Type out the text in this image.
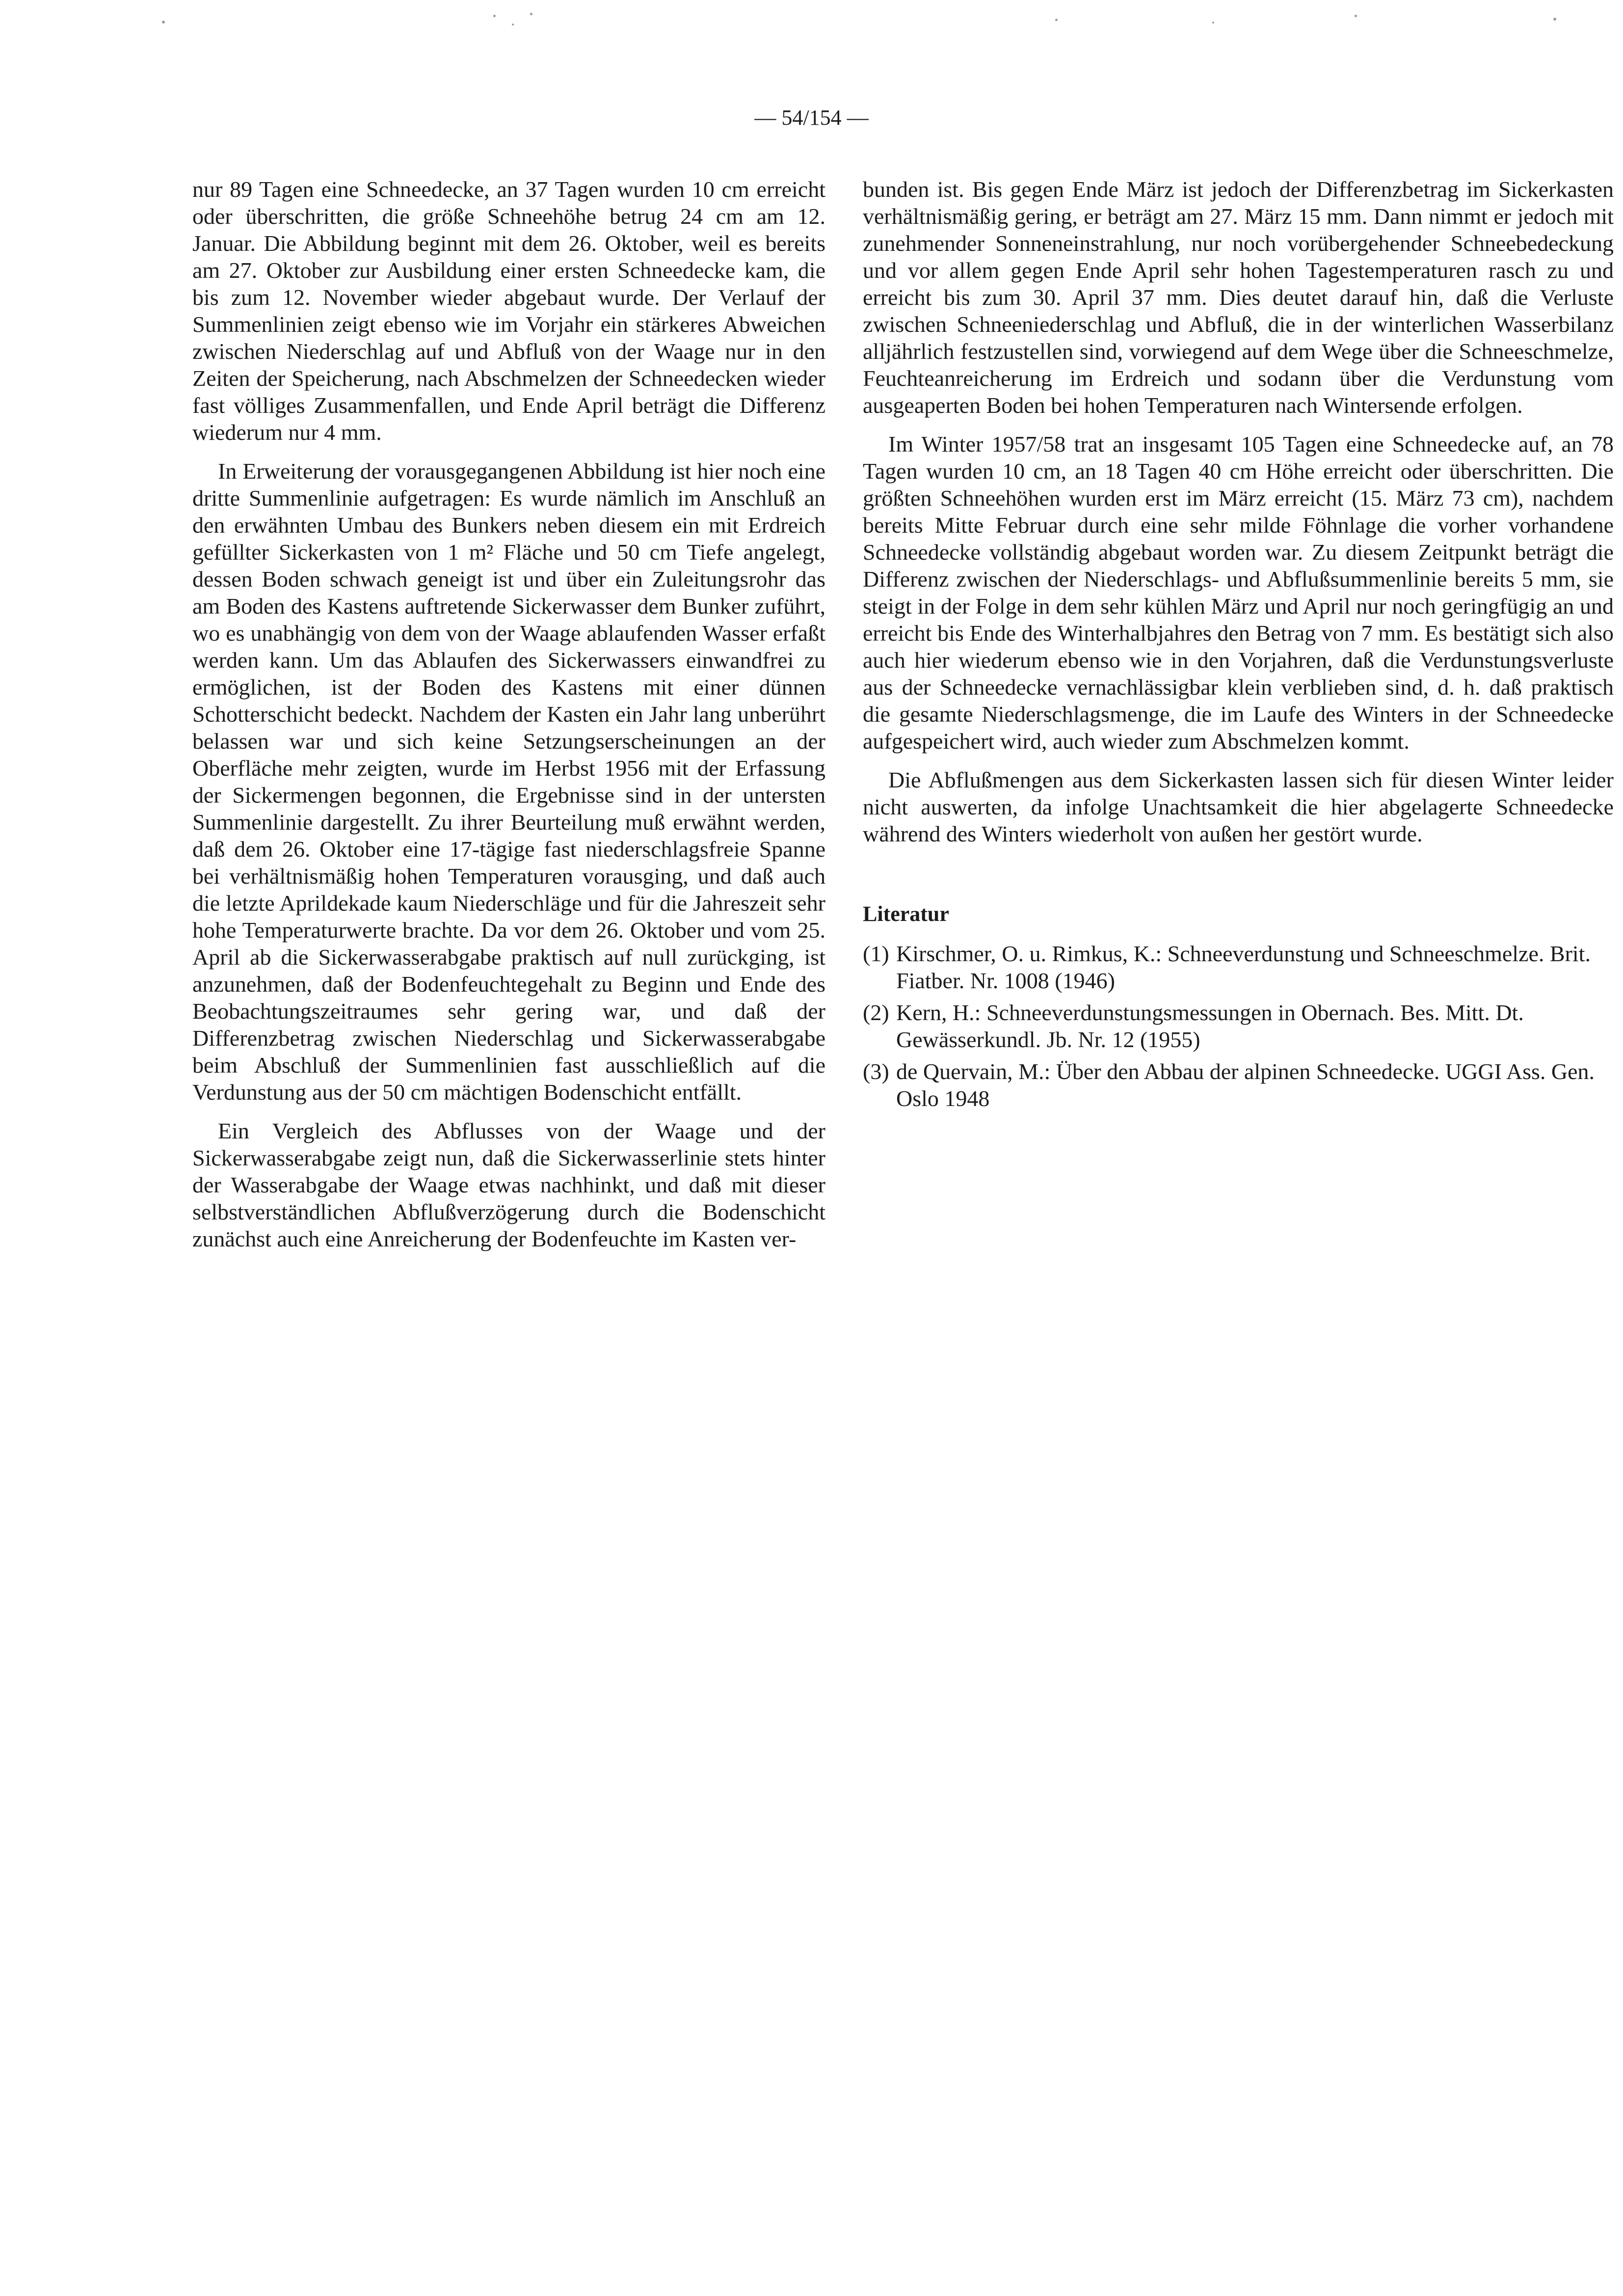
— 54/154 —

nur 89 Tagen eine Schneedecke, an 37 Tagen wurden 10 cm erreicht oder überschritten, die größe Schneehöhe betrug 24 cm am 12. Januar. Die Abbildung beginnt mit dem 26. Oktober, weil es bereits am 27. Oktober zur Ausbildung einer ersten Schneedecke kam, die bis zum 12. November wieder abgebaut wurde. Der Verlauf der Summenlinien zeigt ebenso wie im Vorjahr ein stärkeres Abweichen zwischen Niederschlag auf und Abfluß von der Waage nur in den Zeiten der Speicherung, nach Abschmelzen der Schneedecken wieder fast völliges Zusammenfallen, und Ende April beträgt die Differenz wiederum nur 4 mm.

In Erweiterung der vorausgegangenen Abbildung ist hier noch eine dritte Summenlinie aufgetragen: Es wurde nämlich im Anschluß an den erwähnten Umbau des Bunkers neben diesem ein mit Erdreich gefüllter Sickerkasten von 1 m² Fläche und 50 cm Tiefe angelegt, dessen Boden schwach geneigt ist und über ein Zuleitungsrohr das am Boden des Kastens auftretende Sickerwasser dem Bunker zuführt, wo es unabhängig von dem von der Waage ablaufenden Wasser erfaßt werden kann. Um das Ablaufen des Sickerwassers einwandfrei zu ermöglichen, ist der Boden des Kastens mit einer dünnen Schotterschicht bedeckt. Nachdem der Kasten ein Jahr lang unberührt belassen war und sich keine Setzungserscheinungen an der Oberfläche mehr zeigten, wurde im Herbst 1956 mit der Erfassung der Sickermengen begonnen, die Ergebnisse sind in der untersten Summenlinie dargestellt. Zu ihrer Beurteilung muß erwähnt werden, daß dem 26. Oktober eine 17-tägige fast niederschlagsfreie Spanne bei verhältnismäßig hohen Temperaturen vorausging, und daß auch die letzte Aprildekade kaum Niederschläge und für die Jahreszeit sehr hohe Temperaturwerte brachte. Da vor dem 26. Oktober und vom 25. April ab die Sickerwasserabgabe praktisch auf null zurückging, ist anzunehmen, daß der Bodenfeuchtegehalt zu Beginn und Ende des Beobachtungszeitraumes sehr gering war, und daß der Differenzbetrag zwischen Niederschlag und Sickerwasserabgabe beim Abschluß der Summenlinien fast ausschließlich auf die Verdunstung aus der 50 cm mächtigen Bodenschicht entfällt.

Ein Vergleich des Abflusses von der Waage und der Sickerwasserabgabe zeigt nun, daß die Sickerwasserlinie stets hinter der Wasserabgabe der Waage etwas nachhinkt, und daß mit dieser selbstverständlichen Abflußverzögerung durch die Bodenschicht zunächst auch eine Anreicherung der Bodenfeuchte im Kasten ver-

bunden ist. Bis gegen Ende März ist jedoch der Differenzbetrag im Sickerkasten verhältnismäßig gering, er beträgt am 27. März 15 mm. Dann nimmt er jedoch mit zunehmender Sonneneinstrahlung, nur noch vorübergehender Schneebedeckung und vor allem gegen Ende April sehr hohen Tagestemperaturen rasch zu und erreicht bis zum 30. April 37 mm. Dies deutet darauf hin, daß die Verluste zwischen Schneeniederschlag und Abfluß, die in der winterlichen Wasserbilanz alljährlich festzustellen sind, vorwiegend auf dem Wege über die Schneeschmelze, Feuchteanreicherung im Erdreich und sodann über die Verdunstung vom ausgeaperten Boden bei hohen Temperaturen nach Wintersende erfolgen.

Im Winter 1957/58 trat an insgesamt 105 Tagen eine Schneedecke auf, an 78 Tagen wurden 10 cm, an 18 Tagen 40 cm Höhe erreicht oder überschritten. Die größten Schneehöhen wurden erst im März erreicht (15. März 73 cm), nachdem bereits Mitte Februar durch eine sehr milde Föhnlage die vorher vorhandene Schneedecke vollständig abgebaut worden war. Zu diesem Zeitpunkt beträgt die Differenz zwischen der Niederschlags- und Abflußsummenlinie bereits 5 mm, sie steigt in der Folge in dem sehr kühlen März und April nur noch geringfügig an und erreicht bis Ende des Winterhalbjahres den Betrag von 7 mm. Es bestätigt sich also auch hier wiederum ebenso wie in den Vorjahren, daß die Verdunstungsverluste aus der Schneedecke vernachlässigbar klein verblieben sind, d. h. daß praktisch die gesamte Niederschlagsmenge, die im Laufe des Winters in der Schneedecke aufgespeichert wird, auch wieder zum Abschmelzen kommt.

Die Abflußmengen aus dem Sickerkasten lassen sich für diesen Winter leider nicht auswerten, da infolge Unachtsamkeit die hier abgelagerte Schneedecke während des Winters wiederholt von außen her gestört wurde.

Literatur
(1) Kirschmer, O. u. Rimkus, K.: Schneeverdunstung und Schneeschmelze. Brit. Fiatber. Nr. 1008 (1946)
(2) Kern, H.: Schneeverdunstungsmessungen in Obernach. Bes. Mitt. Dt. Gewässerkundl. Jb. Nr. 12 (1955)
(3) de Quervain, M.: Über den Abbau der alpinen Schneedecke. UGGI Ass. Gen. Oslo 1948
